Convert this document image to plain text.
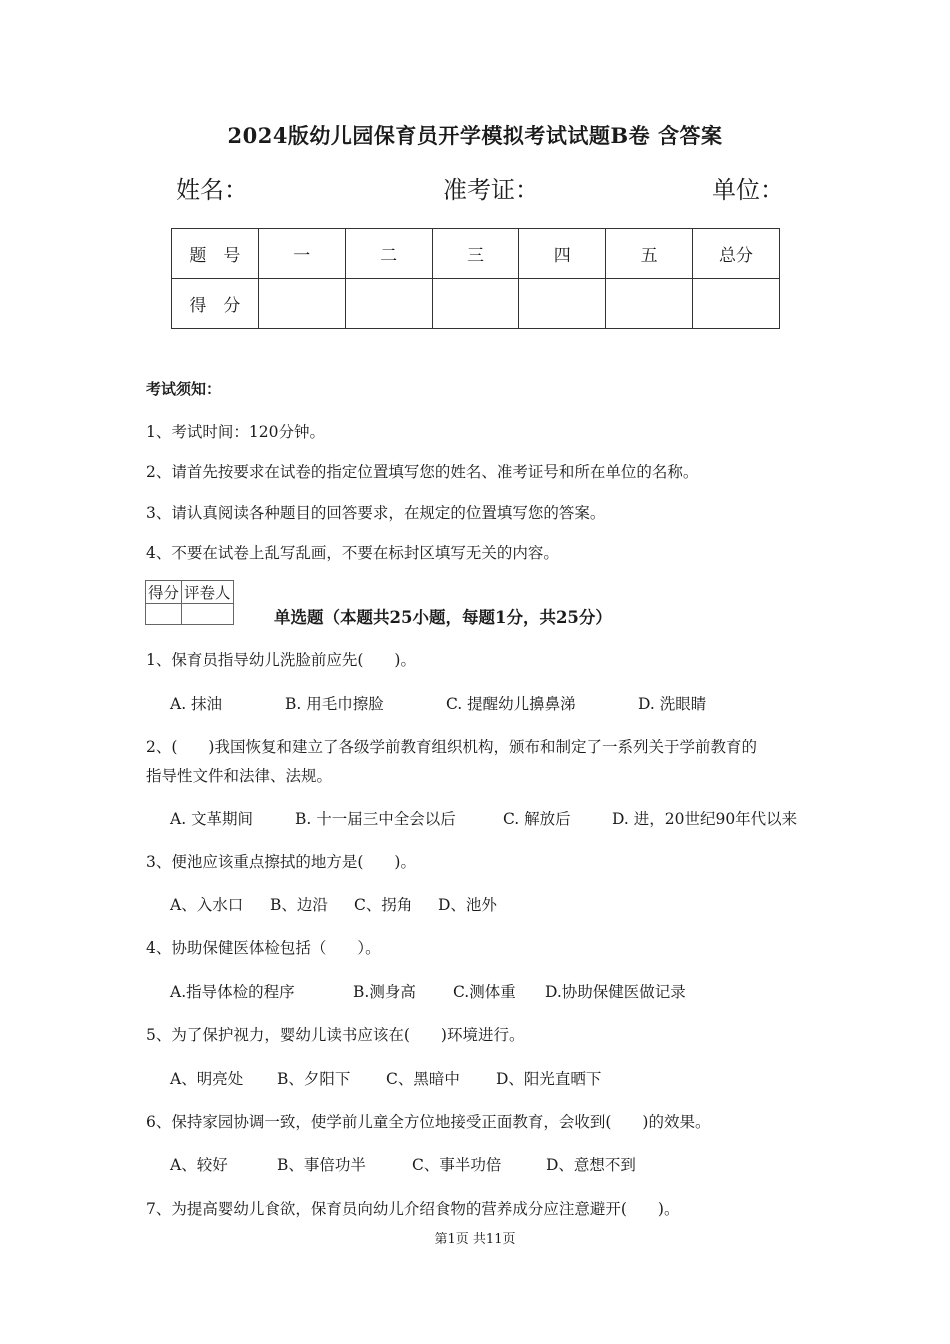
2024版幼儿园保育员开学模拟考试试题B卷 含答案
姓名：	准考证：	单位：
题　号	一	二	三	四	五	总分
得　分						
考试须知：
1、考试时间：120分钟。
2、请首先按要求在试卷的指定位置填写您的姓名、准考证号和所在单位的名称。
3、请认真阅读各种题目的回答要求，在规定的位置填写您的答案。
4、不要在试卷上乱写乱画，不要在标封区填写无关的内容。
得分	评卷人

单选题（本题共25小题，每题1分，共25分）
1、保育员指导幼儿洗脸前应先(　　)。
A. 抹油	B. 用毛巾擦脸	C. 提醒幼儿擤鼻涕	D. 洗眼睛
2、(　　)我国恢复和建立了各级学前教育组织机构，颁布和制定了一系列关于学前教育的
指导性文件和法律、法规。
A. 文革期间	B. 十一届三中全会以后	C. 解放后	D. 进，20世纪90年代以来
3、便池应该重点擦拭的地方是(　　)。
A、入水口 B、边沿 C、拐角 D、池外
4、协助保健医体检包括（　　）。
A.指导体检的程序	B.测身高 C.测体重 D.协助保健医做记录
5、为了保护视力，婴幼儿读书应该在(　　)环境进行。
A、明亮处 B、夕阳下 C、黑暗中 D、阳光直晒下
6、保持家园协调一致，使学前儿童全方位地接受正面教育，会收到(　　)的效果。
A、较好	B、事倍功半	C、事半功倍	D、意想不到
7、为提高婴幼儿食欲，保育员向幼儿介绍食物的营养成分应注意避开(　　)。
第1页 共11页
